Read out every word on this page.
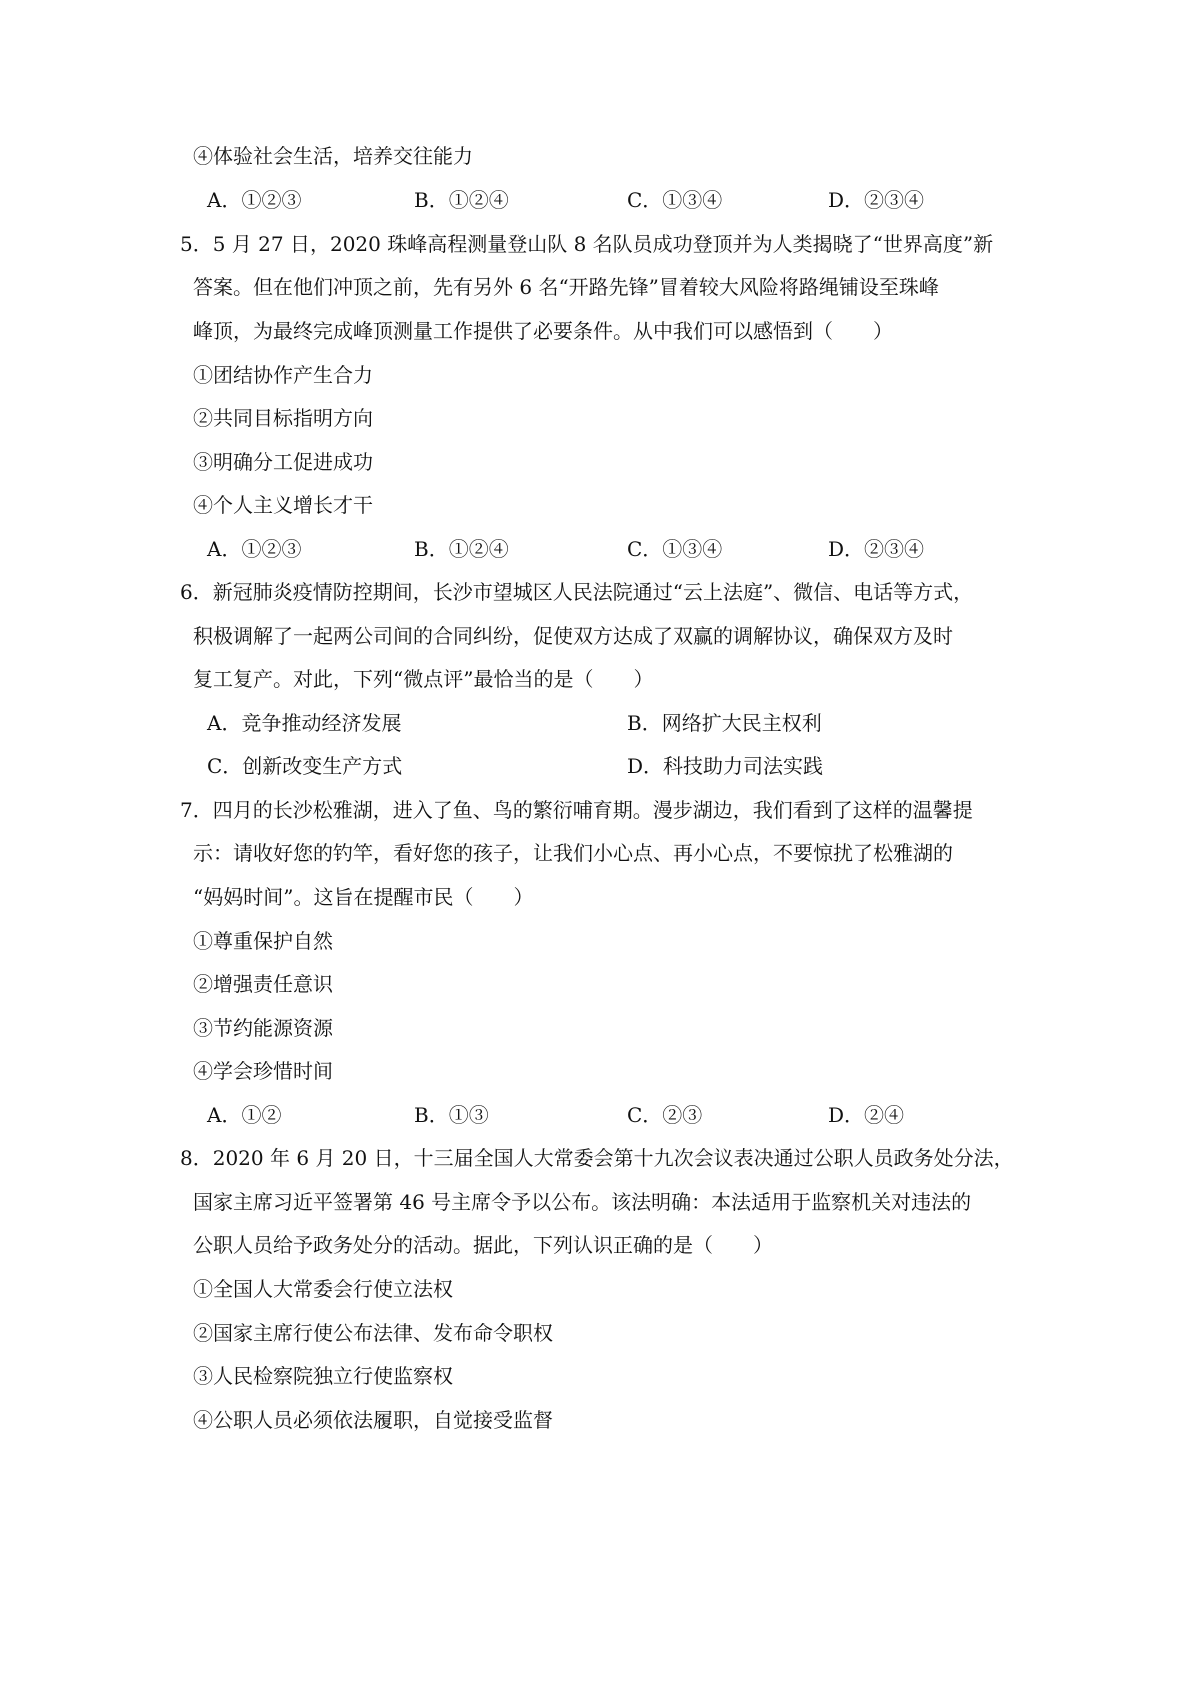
④体验社会生活，培养交往能力
A．①②③	B．①②④	C．①③④	D．②③④
5．5 月 27 日，2020 珠峰高程测量登山队 8 名队员成功登顶并为人类揭晓了“世界高度”新
答案。但在他们冲顶之前，先有另外 6 名“开路先锋”冒着较大风险将路绳铺设至珠峰
峰顶，为最终完成峰顶测量工作提供了必要条件。从中我们可以感悟到（　　）
①团结协作产生合力
②共同目标指明方向
③明确分工促进成功
④个人主义增长才干
A．①②③	B．①②④	C．①③④	D．②③④
6．新冠肺炎疫情防控期间，长沙市望城区人民法院通过“云上法庭”、微信、电话等方式，
积极调解了一起两公司间的合同纠纷，促使双方达成了双赢的调解协议，确保双方及时
复工复产。对此，下列“微点评”最恰当的是（　　）
A．竞争推动经济发展	B．网络扩大民主权利
C．创新改变生产方式	D．科技助力司法实践
7．四月的长沙松雅湖，进入了鱼、鸟的繁衍哺育期。漫步湖边，我们看到了这样的温馨提
示：请收好您的钓竿，看好您的孩子，让我们小心点、再小心点，不要惊扰了松雅湖的
“妈妈时间”。这旨在提醒市民（　　）
①尊重保护自然
②增强责任意识
③节约能源资源
④学会珍惜时间
A．①②	B．①③	C．②③	D．②④
8．2020 年 6 月 20 日，十三届全国人大常委会第十九次会议表决通过公职人员政务处分法，
国家主席习近平签署第 46 号主席令予以公布。该法明确：本法适用于监察机关对违法的
公职人员给予政务处分的活动。据此，下列认识正确的是（　　）
①全国人大常委会行使立法权
②国家主席行使公布法律、发布命令职权
③人民检察院独立行使监察权
④公职人员必须依法履职，自觉接受监督
